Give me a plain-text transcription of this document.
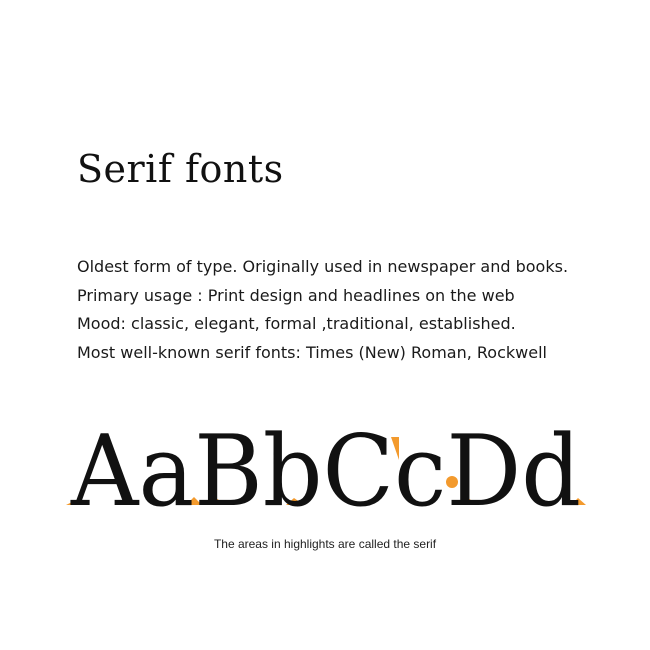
Serif fonts
Oldest form of type. Originally used in newspaper and books.
Primary usage : Print design and headlines on the web
Mood: classic, elegant, formal ,traditional, established.
Most well-known serif fonts: Times (New) Roman, Rockwell
AaBbCcDd

The areas in highlights are called the serif
